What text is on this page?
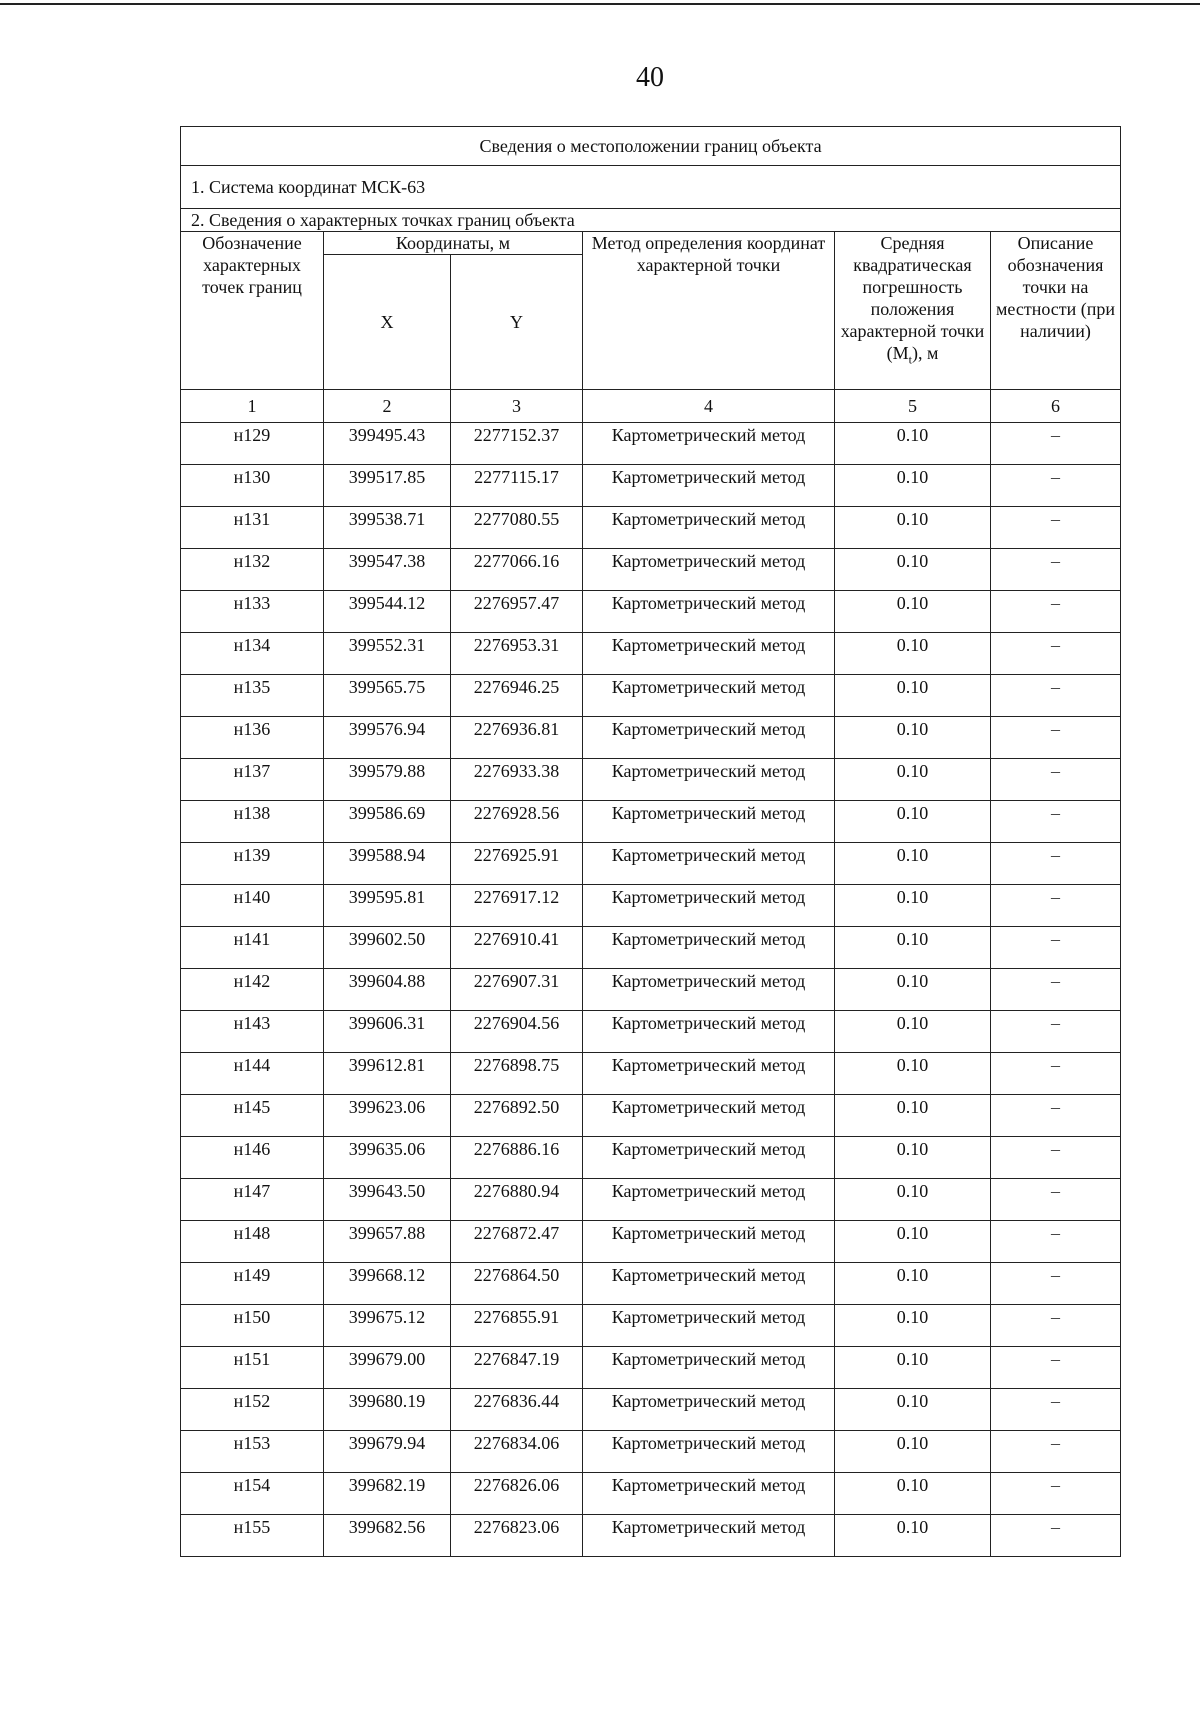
40
Сведения о местоположении границ объекта					
1. Система координат МСК-63					
2. Сведения о характерных точках границ объекта					
Обозначение характерных точек границ	Координаты, м		Метод определения координат характерной точки	Средняя квадратическая погрешность положения характерной точки $(M_t)$, м	Описание обозначения точки на местности (при наличии)
	X	Y			
1	2	3	4	5	6

н129	399495.43	2277152.37	Картометрический метод	0.10	–

н130	399517.85	2277115.17	Картометрический метод	0.10	–

н131	399538.71	2277080.55	Картометрический метод	0.10	–

н132	399547.38	2277066.16	Картометрический метод	0.10	–

н133	399544.12	2276957.47	Картометрический метод	0.10	–

н134	399552.31	2276953.31	Картометрический метод	0.10	–

н135	399565.75	2276946.25	Картометрический метод	0.10	–

н136	399576.94	2276936.81	Картометрический метод	0.10	–

н137	399579.88	2276933.38	Картометрический метод	0.10	–

н138	399586.69	2276928.56	Картометрический метод	0.10	–

н139	399588.94	2276925.91	Картометрический метод	0.10	–

н140	399595.81	2276917.12	Картометрический метод	0.10	–

н141	399602.50	2276910.41	Картометрический метод	0.10	–

н142	399604.88	2276907.31	Картометрический метод	0.10	–

н143	399606.31	2276904.56	Картометрический метод	0.10	–

н144	399612.81	2276898.75	Картометрический метод	0.10	–

н145	399623.06	2276892.50	Картометрический метод	0.10	–

н146	399635.06	2276886.16	Картометрический метод	0.10	–

н147	399643.50	2276880.94	Картометрический метод	0.10	–

н148	399657.88	2276872.47	Картометрический метод	0.10	–

н149	399668.12	2276864.50	Картометрический метод	0.10	–

н150	399675.12	2276855.91	Картометрический метод	0.10	–

н151	399679.00	2276847.19	Картометрический метод	0.10	–

н152	399680.19	2276836.44	Картометрический метод	0.10	–

н153	399679.94	2276834.06	Картометрический метод	0.10	–

н154	399682.19	2276826.06	Картометрический метод	0.10	–

н155	399682.56	2276823.06	Картометрический метод	0.10	–
